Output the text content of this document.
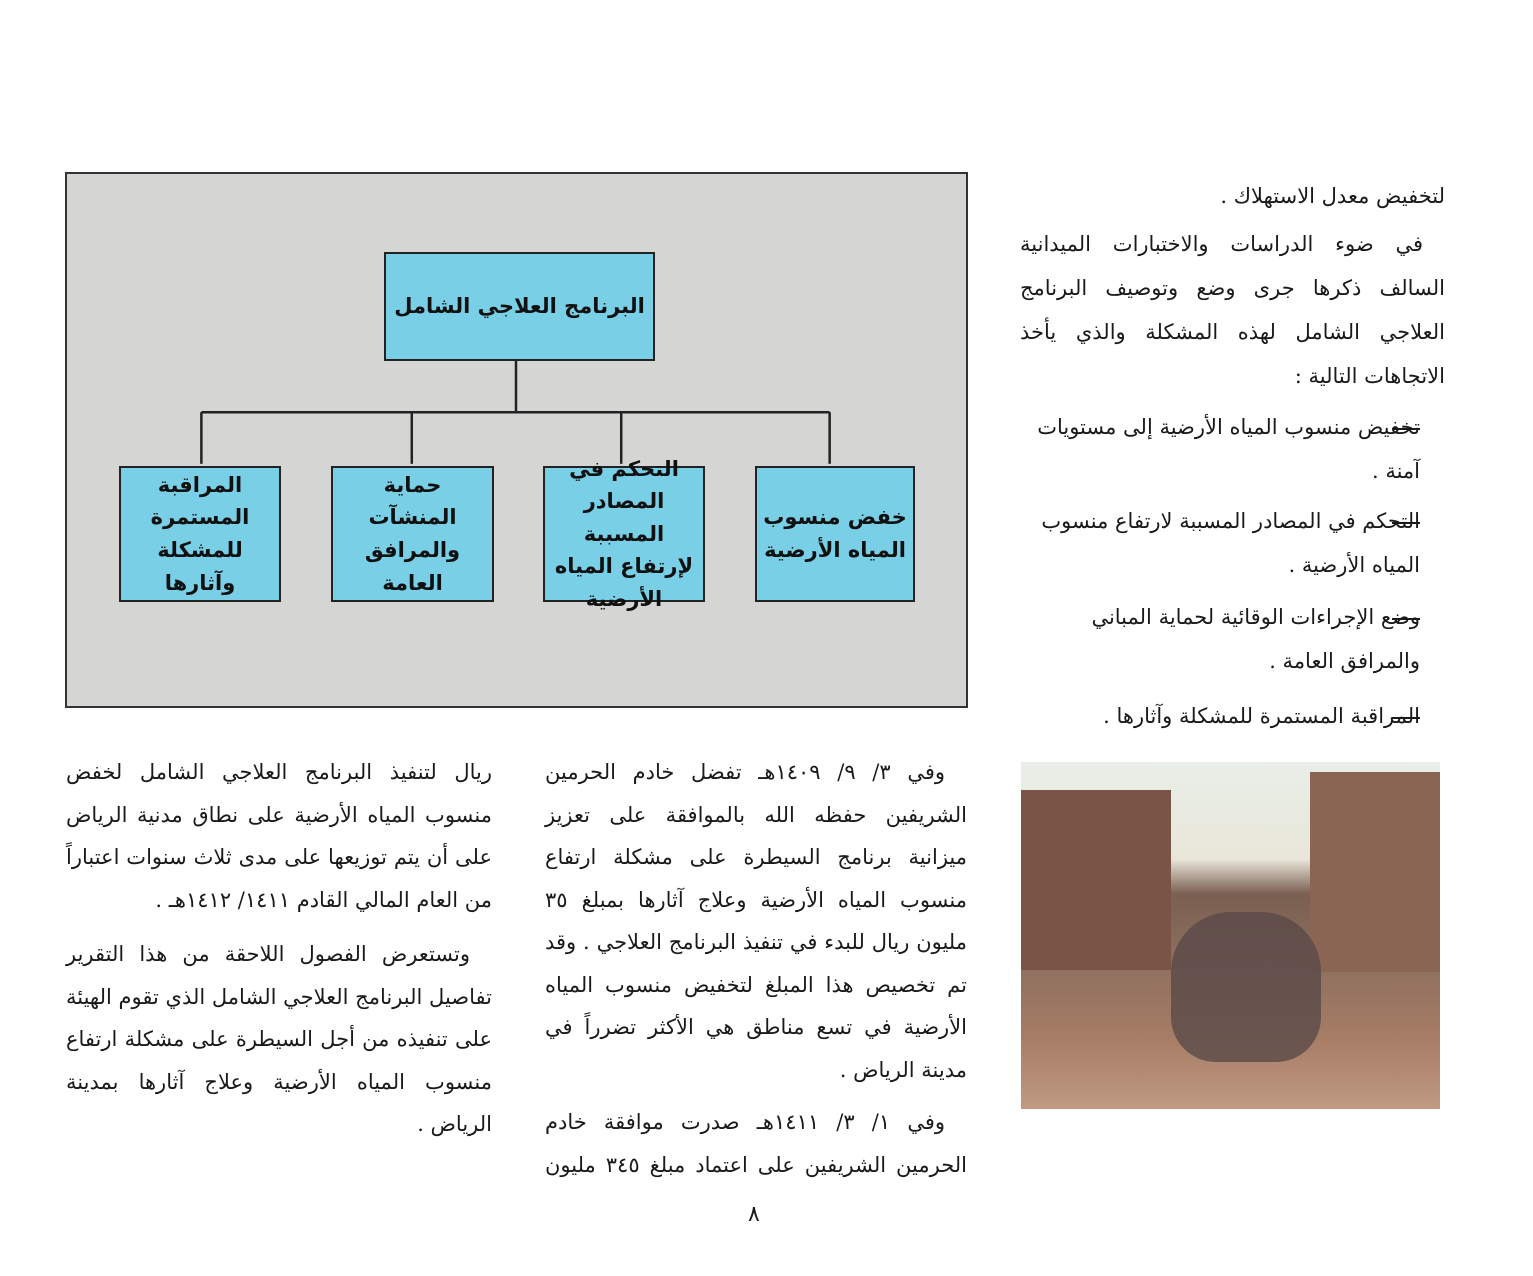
البرنامج العلاجي الشامل
خفض منسوب المياه الأرضية
التحكم في المصادر المسببة لإرتفاع المياه الأرضية
حماية المنشآت والمرافق العامة
المراقبة المستمرة للمشكلة وآثارها

لتخفيض معدل الاستهلاك .

في ضوء الدراسات والاختبارات الميدانية السالف ذكرها جرى وضع وتوصيف البرنامج العلاجي الشامل لهذه المشكلة والذي يأخذ الاتجاهات التالية :

تخفيض منسوب المياه الأرضية إلى مستويات آمنة .
التحكم في المصادر المسببة لارتفاع منسوب المياه الأرضية .
وضع الإجراءات الوقائية لحماية المباني والمرافق العامة .
المراقبة المستمرة للمشكلة وآثارها .

وفي ٣/ ٩/ ١٤٠٩هـ تفضل خادم الحرمين الشريفين حفظه الله بالموافقة على تعزيز ميزانية برنامج السيطرة على مشكلة ارتفاع منسوب المياه الأرضية وعلاج آثارها بمبلغ ٣٥ مليون ريال للبدء في تنفيذ البرنامج العلاجي . وقد تم تخصيص هذا المبلغ لتخفيض منسوب المياه الأرضية في تسع مناطق هي الأكثر تضرراً في مدينة الرياض .

وفي ١/ ٣/ ١٤١١هـ صدرت موافقة خادم الحرمين الشريفين على اعتماد مبلغ ٣٤٥ مليون

ريال لتنفيذ البرنامج العلاجي الشامل لخفض منسوب المياه الأرضية على نطاق مدنية الرياض على أن يتم توزيعها على مدى ثلاث سنوات اعتباراً من العام المالي القادم ١٤١١/ ١٤١٢هـ .

وتستعرض الفصول اللاحقة من هذا التقرير تفاصيل البرنامج العلاجي الشامل الذي تقوم الهيئة على تنفيذه من أجل السيطرة على مشكلة ارتفاع منسوب المياه الأرضية وعلاج آثارها بمدينة الرياض .

٨
